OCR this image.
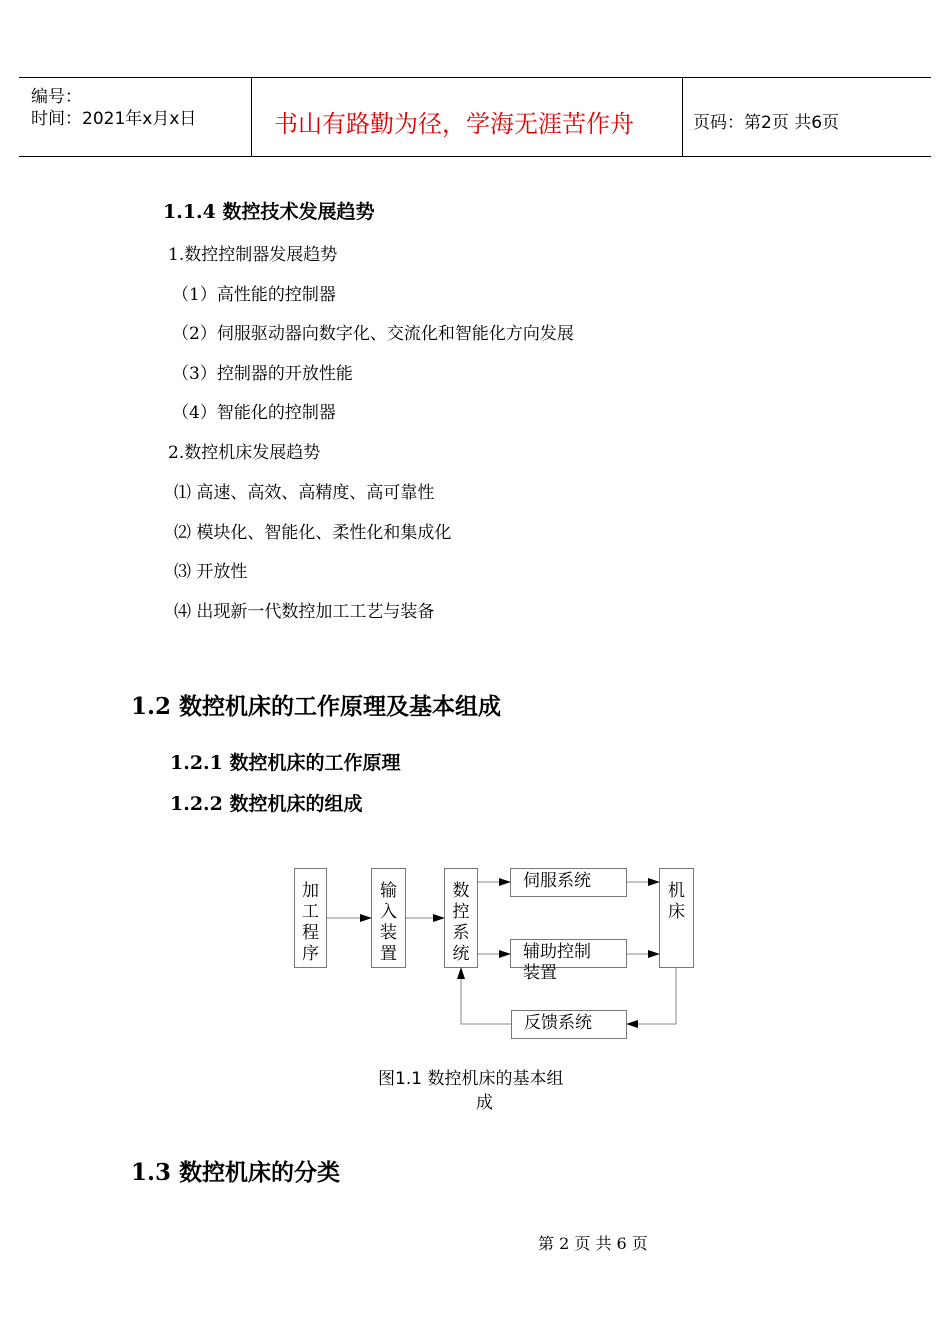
编号：
时间：2021年x月x日	书山有路勤为径，学海无涯苦作舟	页码：第2页 共6页
1.1.4 数控技术发展趋势
1.数控控制器发展趋势
（1）高性能的控制器
（2）伺服驱动器向数字化、交流化和智能化方向发展
（3）控制器的开放性能
（4）智能化的控制器
2.数控机床发展趋势
⑴ 高速、高效、高精度、高可靠性
⑵ 模块化、智能化、柔性化和集成化
⑶ 开放性
⑷ 出现新一代数控加工工艺与装备
1.2 数控机床的工作原理及基本组成
1.2.1 数控机床的工作原理
1.2.2 数控机床的组成
加工程序
输入装置
数控系统
伺服系统
辅助控制装置
机床
反馈系统
图1.1 数控机床的基本组
成
1.3 数控机床的分类
第 2 页 共 6 页
